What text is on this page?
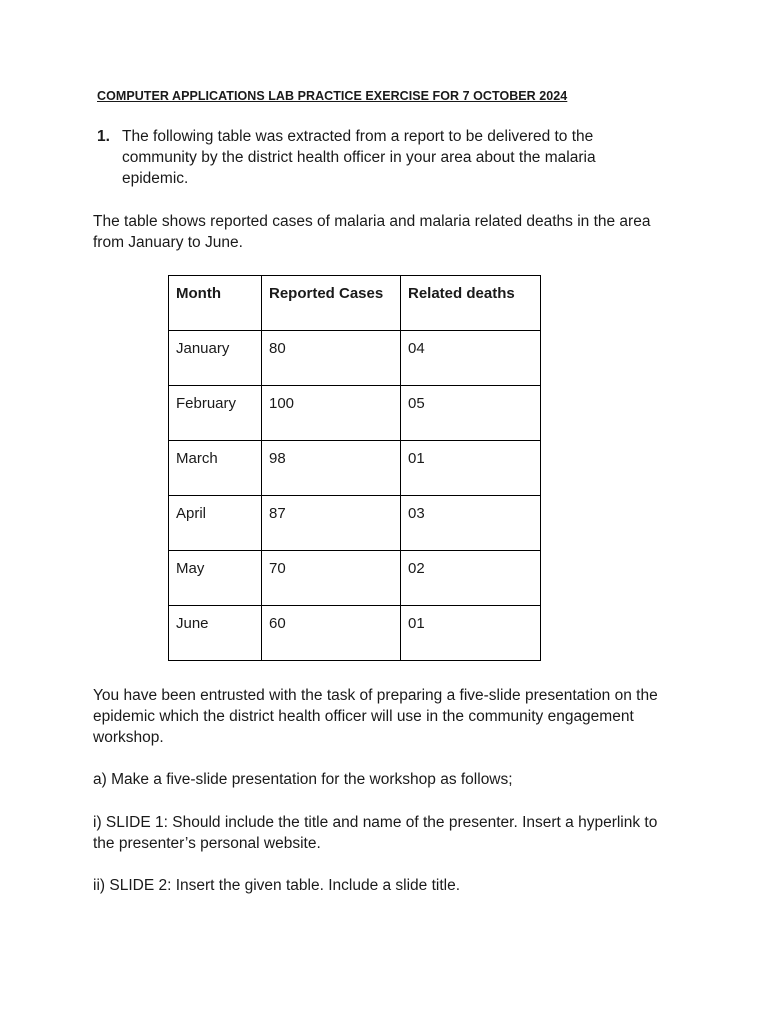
COMPUTER APPLICATIONS LAB PRACTICE EXERCISE FOR 7 OCTOBER 2024
1. The following table was extracted from a report to be delivered to the community by the district health officer in your area about the malaria epidemic.
The table shows reported cases of malaria and malaria related deaths in the area from January to June.
Month	Reported Cases	Related deaths
January	80	04
February	100	05
March	98	01
April	87	03
May	70	02
June	60	01
You have been entrusted with the task of preparing a five-slide presentation on the epidemic which the district health officer will use in the community engagement workshop.
a) Make a five-slide presentation for the workshop as follows;
i) SLIDE 1: Should include the title and name of the presenter. Insert a hyperlink to the presenter’s personal website.
ii) SLIDE 2: Insert the given table. Include a slide title.
